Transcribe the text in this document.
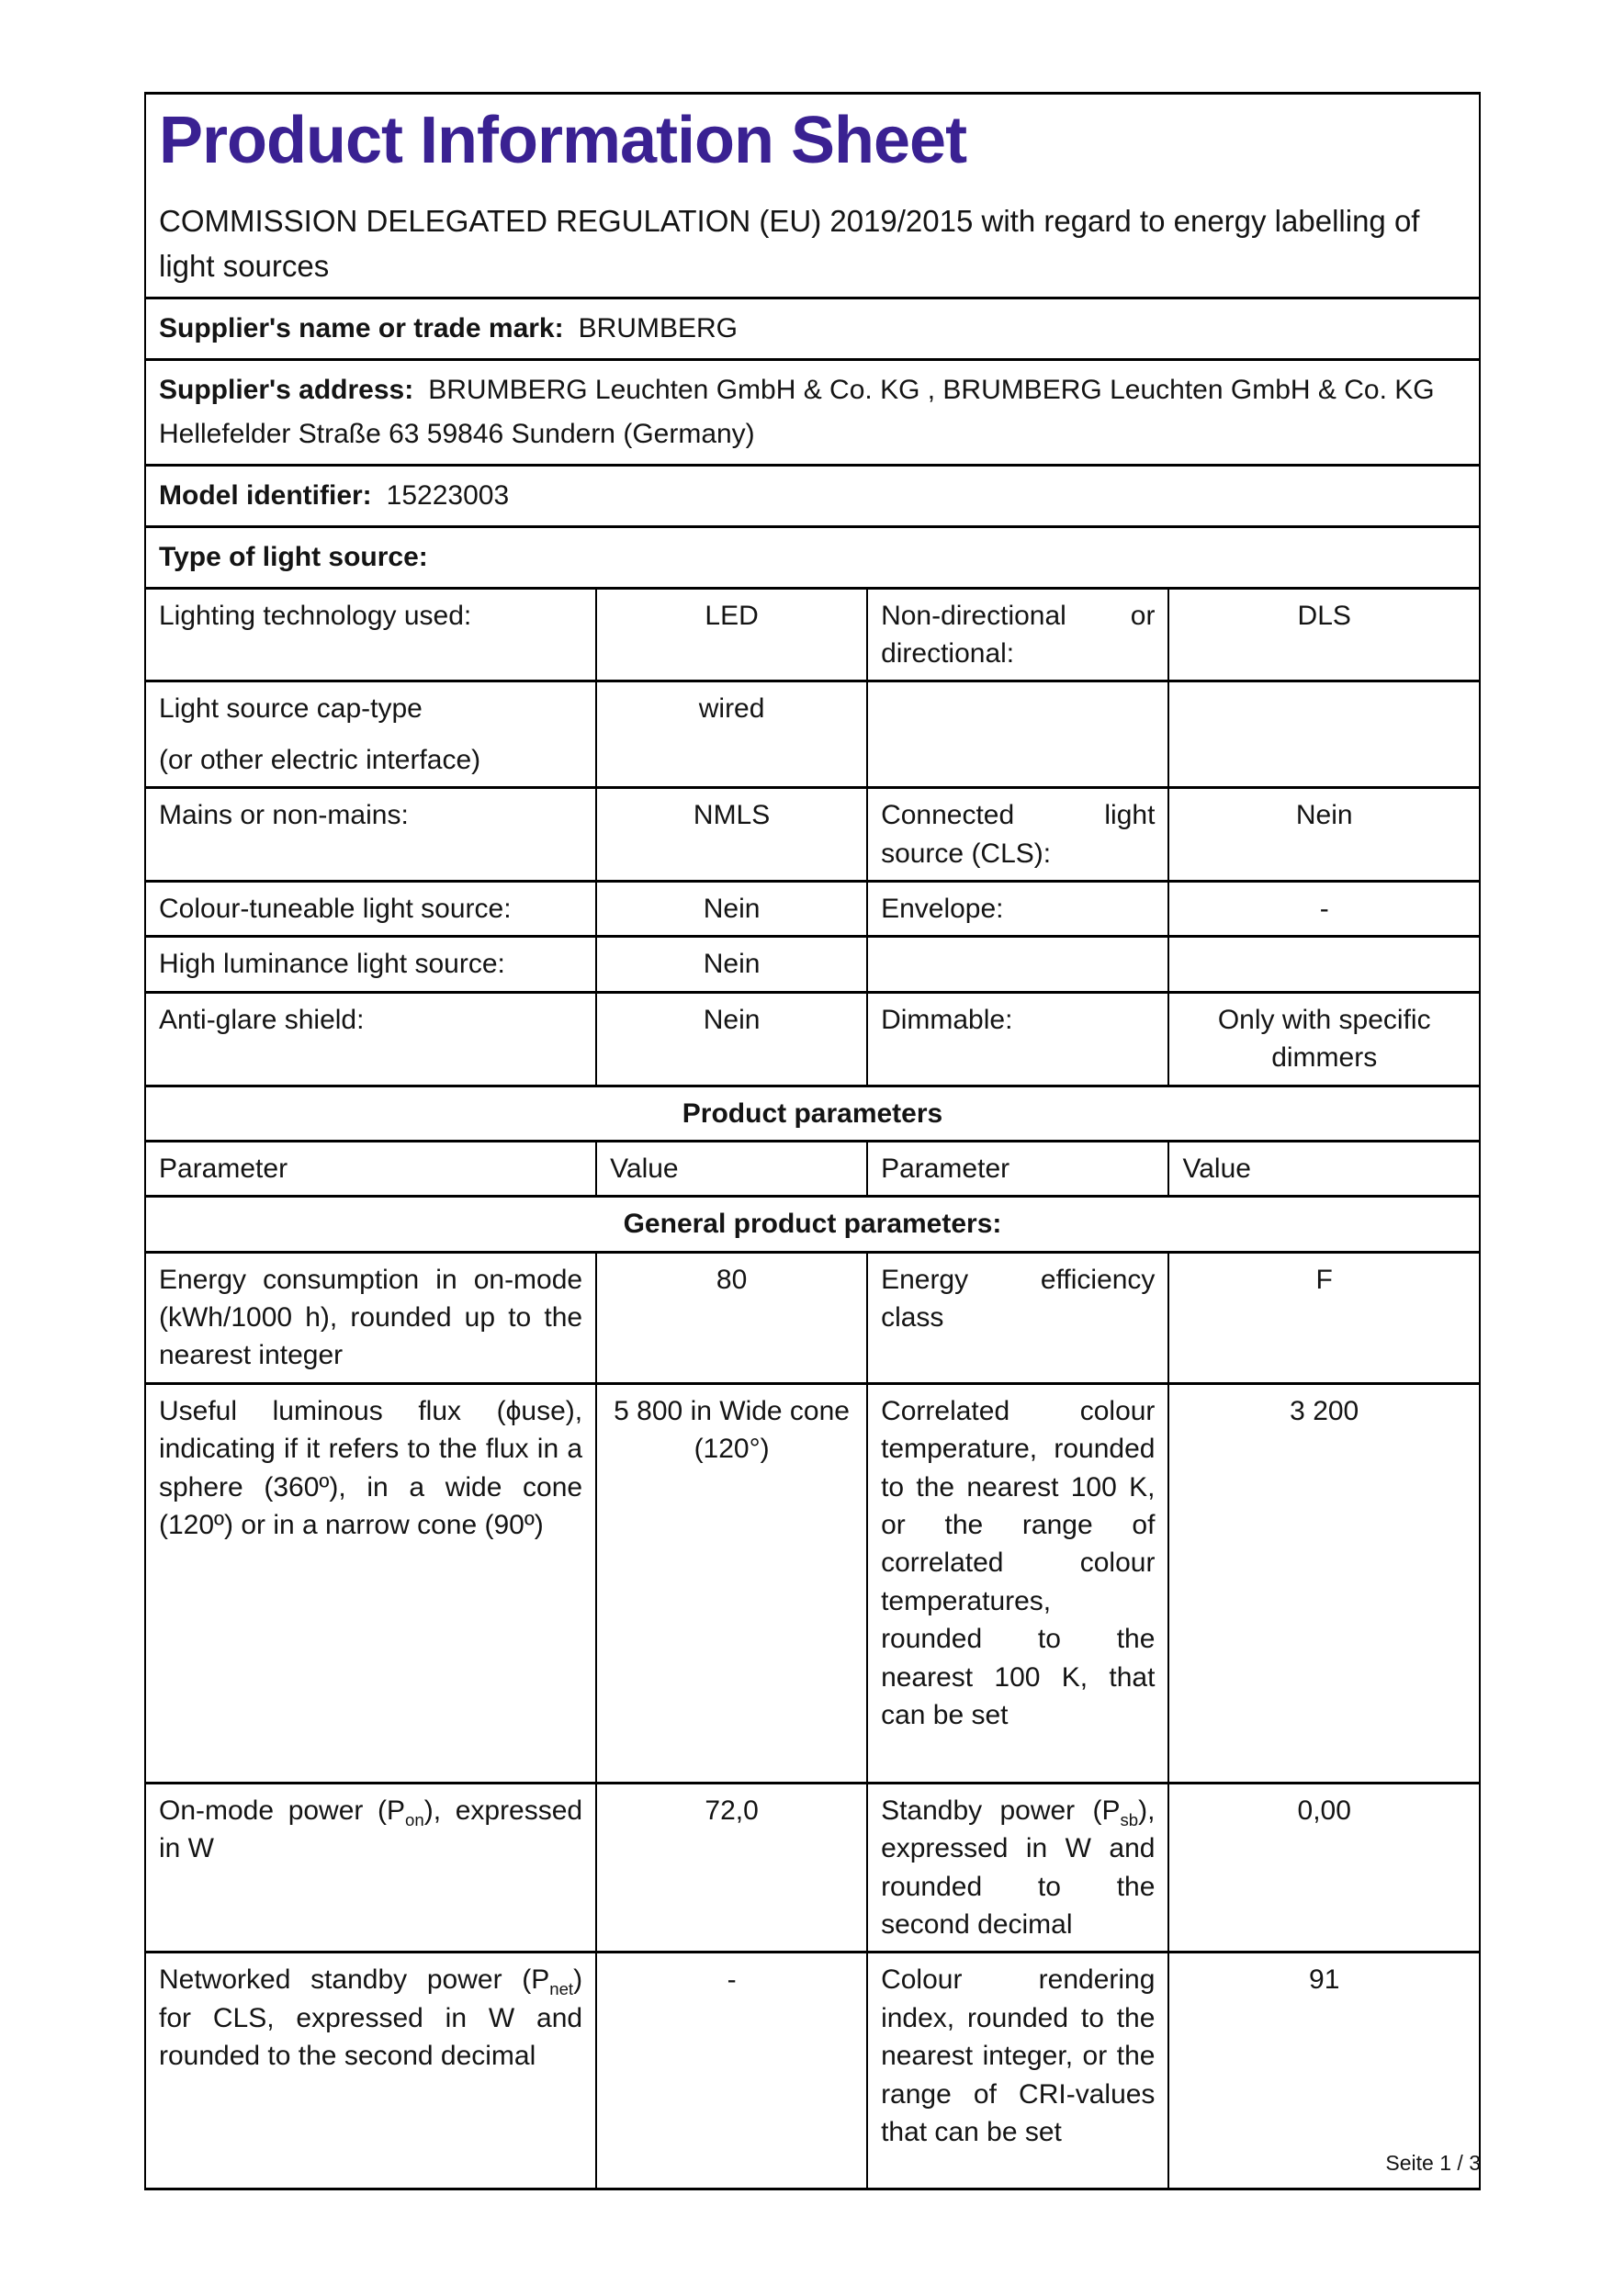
Product Information Sheet
COMMISSION DELEGATED REGULATION (EU) 2019/2015 with regard to energy labelling of light sources			

Supplier's name or trade mark: BRUMBERG			
Supplier's address: BRUMBERG Leuchten GmbH & Co. KG , BRUMBERG Leuchten GmbH & Co. KG Hellefelder Straße 63 59846 Sundern (Germany)			
Model identifier: 15223003			
Type of light source:			
Lighting technology used:	LED	Non-directional or directional:	DLS

Light source cap-type
(or other electric interface)	wired		
Mains or non-mains:	NMLS	Connected light source (CLS):	Nein
Colour-tuneable light source:	Nein	Envelope:	-
High luminance light source:	Nein		
Anti-glare shield:	Nein	Dimmable:	Only with specific dimmers
Product parameters			
Parameter	Value	Parameter	Value
General product parameters:			
Energy consumption in on-mode (kWh/1000 h), rounded up to the nearest integer	80	Energy efficiency class	F
Useful luminous flux (ϕuse), indicating if it refers to the flux in a sphere (360º), in a wide cone (120º) or in a narrow cone (90º)	5 800 in Wide cone (120°)	Correlated colour temperature, rounded to the nearest 100 K, or the range of correlated colour temperatures, rounded to the nearest 100 K, that can be set	3 200
On-mode power $(P_{on})$, expressed in W	72,0	Standby power $(P_{sb})$, expressed in W and rounded to the second decimal	0,00
Networked standby power $(P_{net})$ for CLS, expressed in W and rounded to the second decimal	-	Colour rendering index, rounded to the nearest integer, or the range of CRI-values that can be set	91
Seite 1 / 3
